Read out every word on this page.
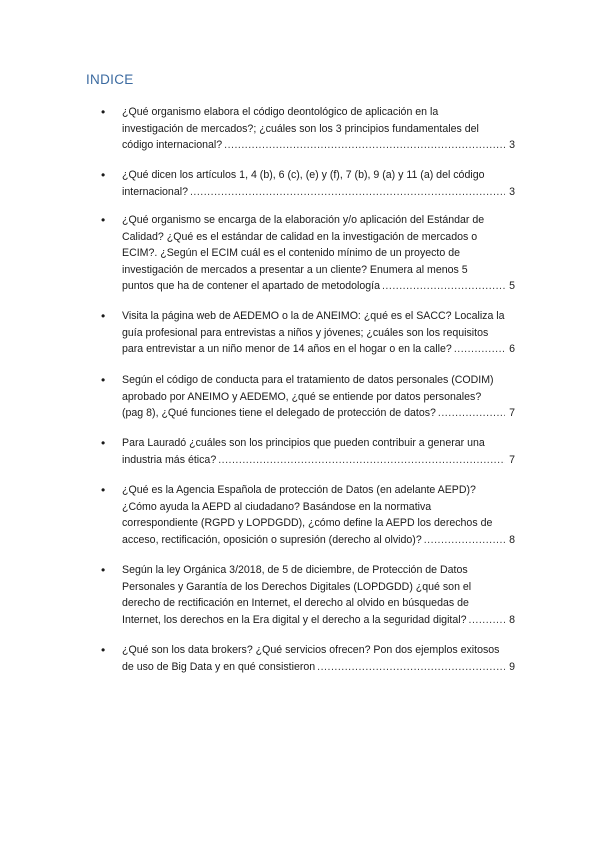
INDICE
•	¿Qué organismo elabora el código deontológico de aplicación en la
investigación de mercados?; ¿cuáles son los 3 principios fundamentales del
código internacional? .....	3
•	¿Qué dicen los artículos 1, 4 (b), 6 (c), (e) y (f), 7 (b), 9 (a) y 11 (a) del código
internacional? .....	3
•	¿Qué organismo se encarga de la elaboración y/o aplicación del Estándar de
Calidad? ¿Qué es el estándar de calidad en la investigación de mercados o
ECIM?. ¿Según el ECIM cuál es el contenido mínimo de un proyecto de
investigación de mercados a presentar a un cliente? Enumera al menos 5
puntos que ha de contener el apartado de metodología .....	5
•	Visita la página web de AEDEMO o la de ANEIMO: ¿qué es el SACC? Localiza la
guía profesional para entrevistas a niños y jóvenes; ¿cuáles son los requisitos
para entrevistar a un niño menor de 14 años en el hogar o en la calle? .....	6
•	Según el código de conducta para el tratamiento de datos personales (CODIM)
aprobado por ANEIMO y AEDEMO, ¿qué se entiende por datos personales?
(pag 8), ¿Qué funciones tiene el delegado de protección de datos? .....	7
•	Para Lauradó ¿cuáles son los principios que pueden contribuir a generar una
industria más ética? .....	7
•	¿Qué es la Agencia Española de protección de Datos (en adelante AEPD)?
¿Cómo ayuda la AEPD al ciudadano? Basándose en la normativa
correspondiente (RGPD y LOPDGDD), ¿cómo define la AEPD los derechos de
acceso, rectificación, oposición o supresión (derecho al olvido)? .....	8
•	Según la ley Orgánica 3/2018, de 5 de diciembre, de Protección de Datos
Personales y Garantía de los Derechos Digitales (LOPDGDD) ¿qué son el
derecho de rectificación en Internet, el derecho al olvido en búsquedas de
Internet, los derechos en la Era digital y el derecho a la seguridad digital? .....	8
•	¿Qué son los data brokers? ¿Qué servicios ofrecen? Pon dos ejemplos exitosos
de uso de Big Data y en qué consistieron .....	9
